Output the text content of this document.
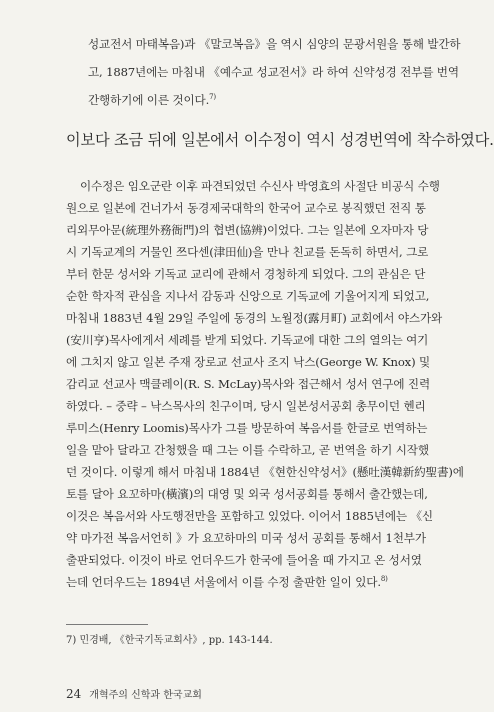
성교전서 마태복음)과 《말코복음》을 역시 심양의 문광서원을 통해 발간하
고, 1887년에는 마침내 《예수교 성교전서》라 하여 신약성경 전부를 번역
간행하기에 이른 것이다.$^{7)}$
이보다 조금 뒤에 일본에서 이수정이 역시 성경번역에 착수하였다.
이수정은 임오군란 이후 파견되었던 수신사 박영효의 사절단 비공식 수행
원으로 일본에 건너가서 동경제국대학의 한국어 교수로 봉직했던 전직 통
리외무아문(統理外務衙門)의 협변(協辨)이었다. 그는 일본에 오자마자 당
시 기독교계의 거물인 쯔다센(津田仙)을 만나 친교를 돈독히 하면서, 그로
부터 한문 성서와 기독교 교리에 관해서 경청하게 되었다. 그의 관심은 단
순한 학자적 관심을 지나서 감동과 신앙으로 기독교에 기울어지게 되었고,
마침내 1883년 4월 29일 주일에 동경의 노월정(露月町) 교회에서 야스가와
(安川亨)목사에게서 세례를 받게 되었다. 기독교에 대한 그의 열의는 여기
에 그치지 않고 일본 주재 장로교 선교사 조지 낙스(George W. Knox) 및
감리교 선교사 맥클레이(R. S. McLay)목사와 접근해서 성서 연구에 진력
하였다. – 중략 – 낙스목사의 친구이며, 당시 일본성서공회 총무이던 헨리
루미스(Henry Loomis)목사가 그를 방문하여 복음서를 한글로 번역하는
일을 맡아 달라고 간청했을 때 그는 이를 수락하고, 곧 번역을 하기 시작했
던 것이다. 이렇게 해서 마침내 1884년 《현한신약성서》(懸吐漢韓新約聖書)에
토를 달아 요꼬하마(橫濱)의 대영 및 외국 성서공회를 통해서 출간했는데,
이것은 복음서와 사도행전만을 포함하고 있었다. 이어서 1885년에는 《신
약 마가전 복음서언히 》가 요꼬하마의 미국 성서 공회를 통해서 1천부가
출판되었다. 이것이 바로 언더우드가 한국에 들어올 때 가지고 온 성서였
는데 언더우드는 1894년 서울에서 이를 수정 출판한 일이 있다.$^{8)}$
7) 민경배, 《한국기독교회사》, pp. 143-144.
24 개혁주의 신학과 한국교회
